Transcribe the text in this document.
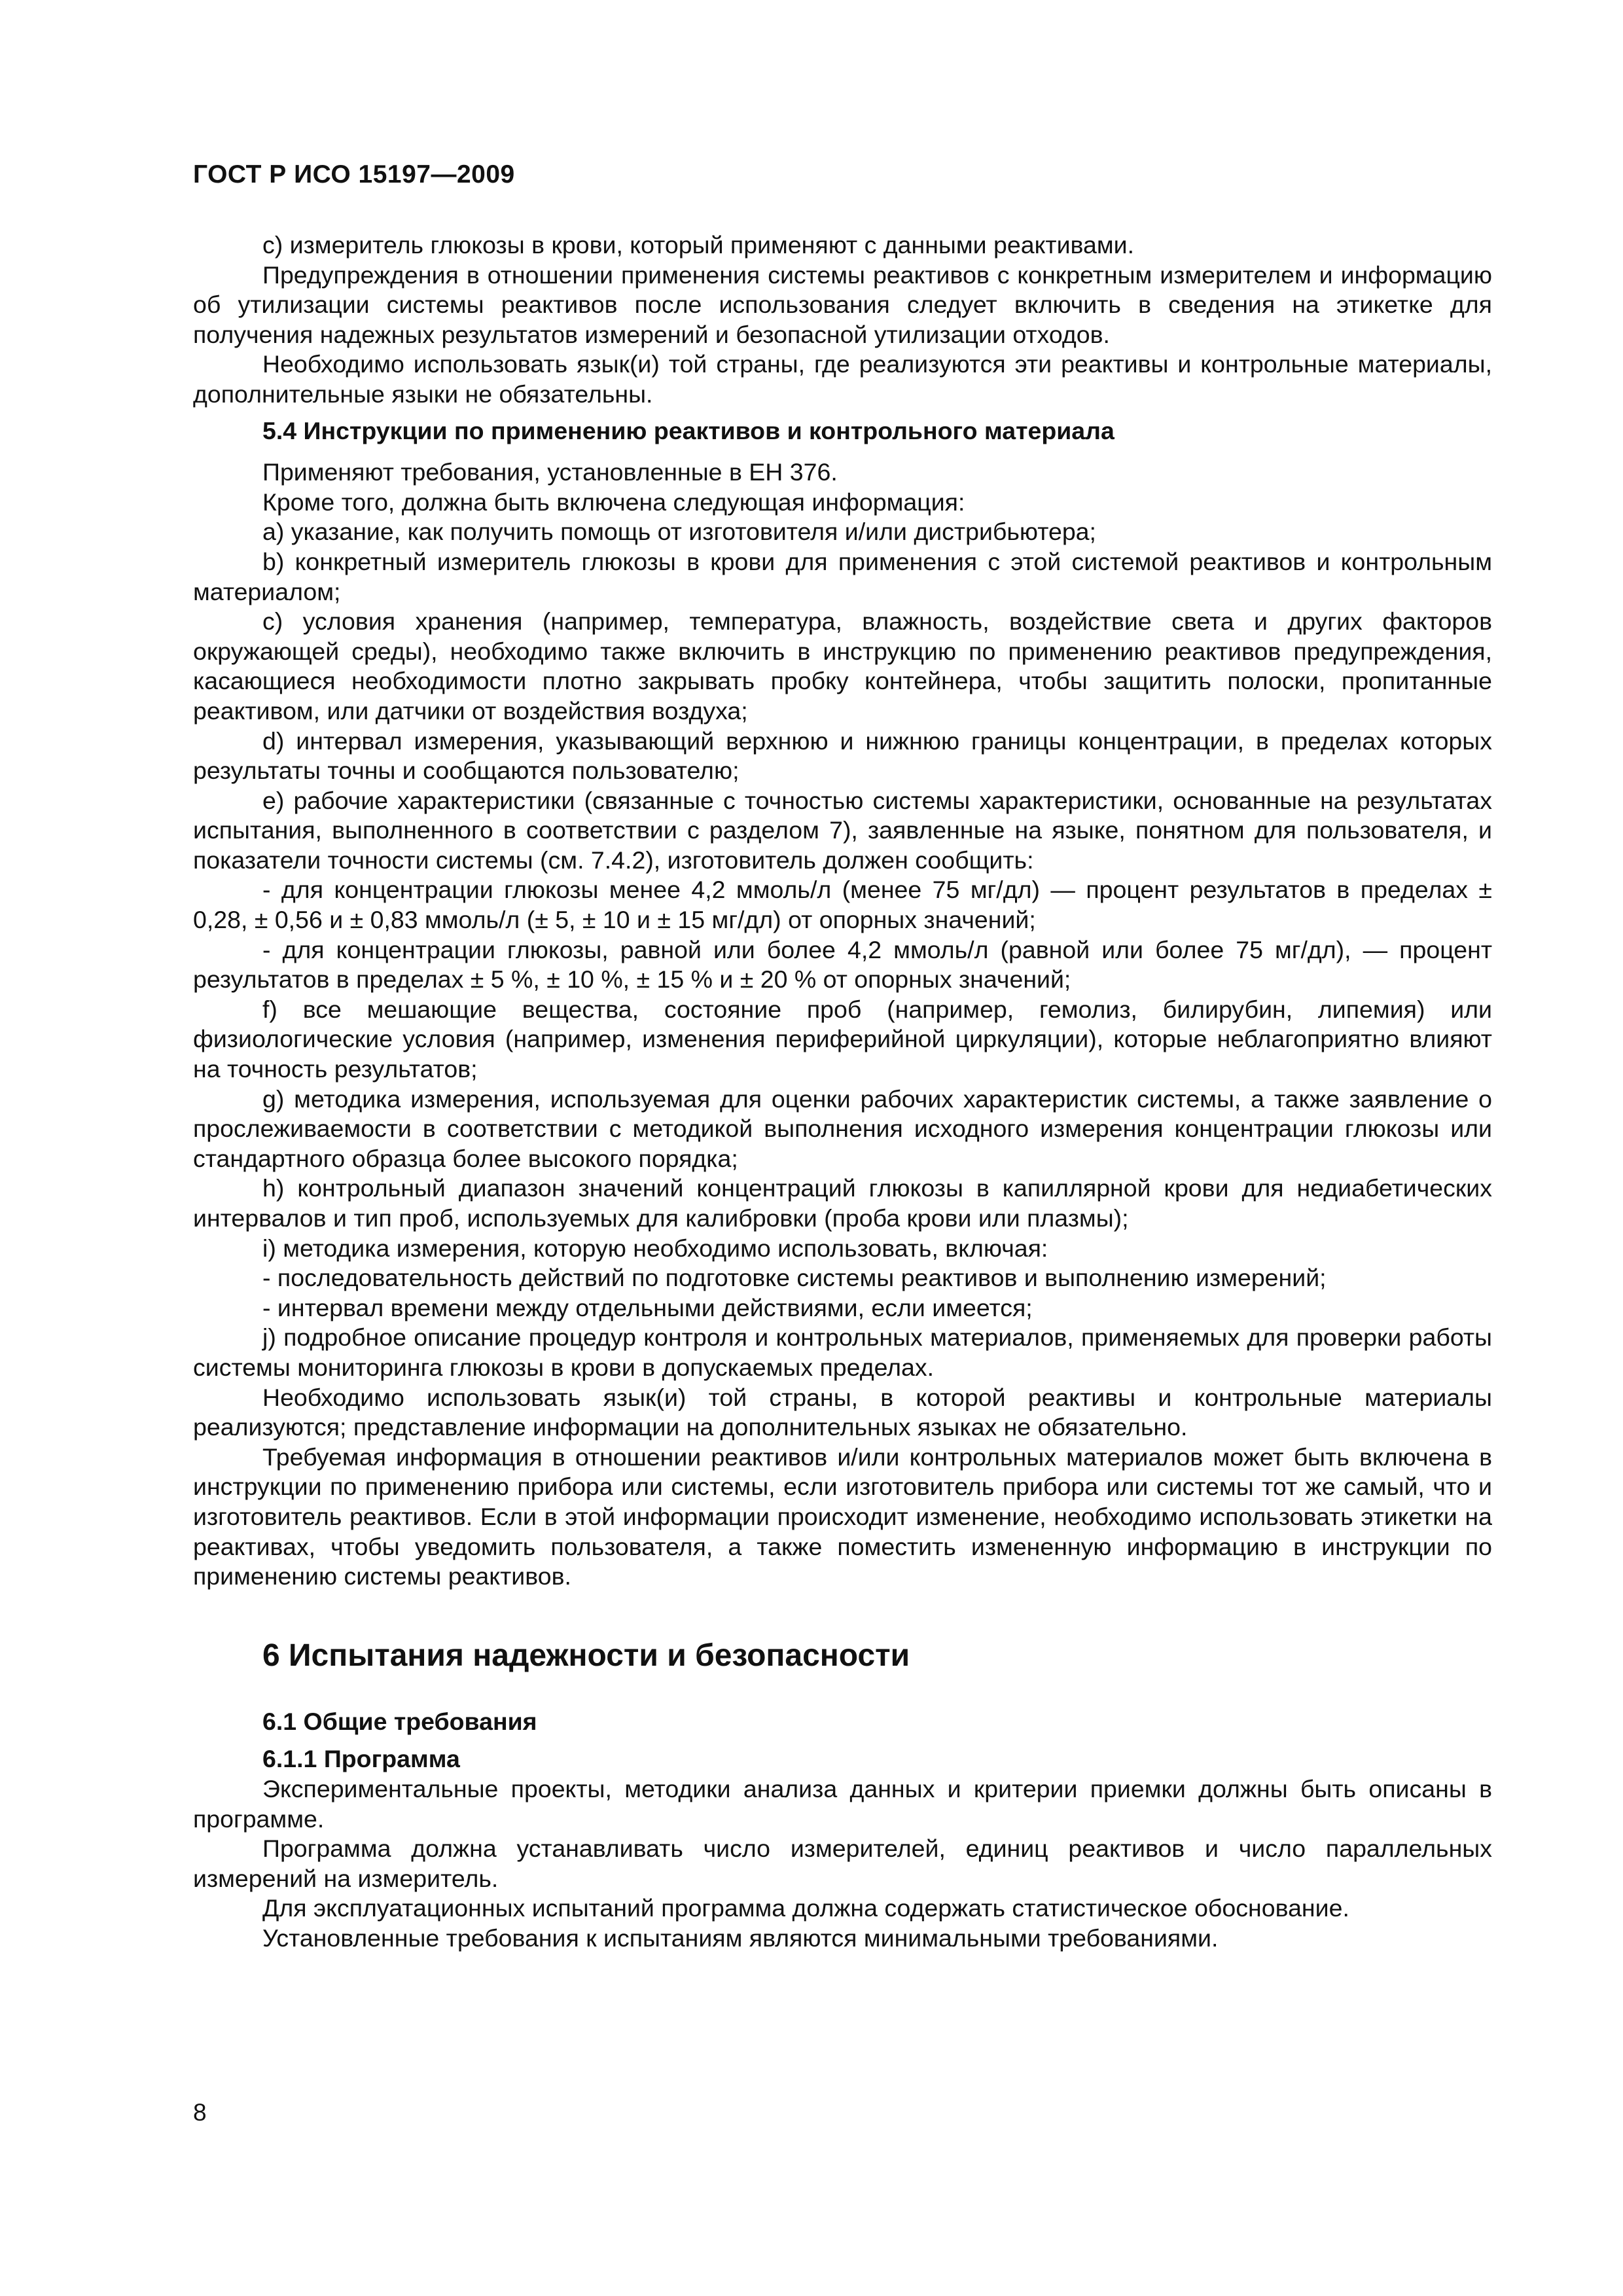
ГОСТ Р ИСО 15197—2009

с) измеритель глюкозы в крови, который применяют с данными реактивами.

Предупреждения в отношении применения системы реактивов с конкретным измерителем и информацию об утилизации системы реактивов после использования следует включить в сведения на этикетке для получения надежных результатов измерений и безопасной утилизации отходов.

Необходимо использовать язык(и) той страны, где реализуются эти реактивы и контрольные материалы, дополнительные языки не обязательны.

5.4 Инструкции по применению реактивов и контрольного материала

Применяют требования, установленные в ЕН 376.

Кроме того, должна быть включена следующая информация:

а) указание, как получить помощь от изготовителя и/или дистрибьютера;

b) конкретный измеритель глюкозы в крови для применения с этой системой реактивов и контрольным материалом;

с) условия хранения (например, температура, влажность, воздействие света и других факторов окружающей среды), необходимо также включить в инструкцию по применению реактивов предупреждения, касающиеся необходимости плотно закрывать пробку контейнера, чтобы защитить полоски, пропитанные реактивом, или датчики от воздействия воздуха;

d) интервал измерения, указывающий верхнюю и нижнюю границы концентрации, в пределах которых результаты точны и сообщаются пользователю;

е) рабочие характеристики (связанные с точностью системы характеристики, основанные на результатах испытания, выполненного в соответствии с разделом 7), заявленные на языке, понятном для пользователя, и показатели точности системы (см. 7.4.2), изготовитель должен сообщить:

- для концентрации глюкозы менее 4,2 ммоль/л (менее 75 мг/дл) — процент результатов в пределах ± 0,28, ± 0,56 и ± 0,83 ммоль/л (± 5, ± 10 и ± 15 мг/дл) от опорных значений;

- для концентрации глюкозы, равной или более 4,2 ммоль/л (равной или более 75 мг/дл), — процент результатов в пределах ± 5 %, ± 10 %, ± 15 % и ± 20 % от опорных значений;

f) все мешающие вещества, состояние проб (например, гемолиз, билирубин, липемия) или физиологические условия (например, изменения периферийной циркуляции), которые неблагоприятно влияют на точность результатов;

g) методика измерения, используемая для оценки рабочих характеристик системы, а также заявление о прослеживаемости в соответствии с методикой выполнения исходного измерения концентрации глюкозы или стандартного образца более высокого порядка;

h) контрольный диапазон значений концентраций глюкозы в капиллярной крови для недиабетических интервалов и тип проб, используемых для калибровки (проба крови или плазмы);

i) методика измерения, которую необходимо использовать, включая:

- последовательность действий по подготовке системы реактивов и выполнению измерений;

- интервал времени между отдельными действиями, если имеется;

j) подробное описание процедур контроля и контрольных материалов, применяемых для проверки работы системы мониторинга глюкозы в крови в допускаемых пределах.

Необходимо использовать язык(и) той страны, в которой реактивы и контрольные материалы реализуются; представление информации на дополнительных языках не обязательно.

Требуемая информация в отношении реактивов и/или контрольных материалов может быть включена в инструкции по применению прибора или системы, если изготовитель прибора или системы тот же самый, что и изготовитель реактивов. Если в этой информации происходит изменение, необходимо использовать этикетки на реактивах, чтобы уведомить пользователя, а также поместить измененную информацию в инструкции по применению системы реактивов.

6 Испытания надежности и безопасности
6.1 Общие требования
6.1.1 Программа

Экспериментальные проекты, методики анализа данных и критерии приемки должны быть описаны в программе.

Программа должна устанавливать число измерителей, единиц реактивов и число параллельных измерений на измеритель.

Для эксплуатационных испытаний программа должна содержать статистическое обоснование.

Установленные требования к испытаниям являются минимальными требованиями.

8
